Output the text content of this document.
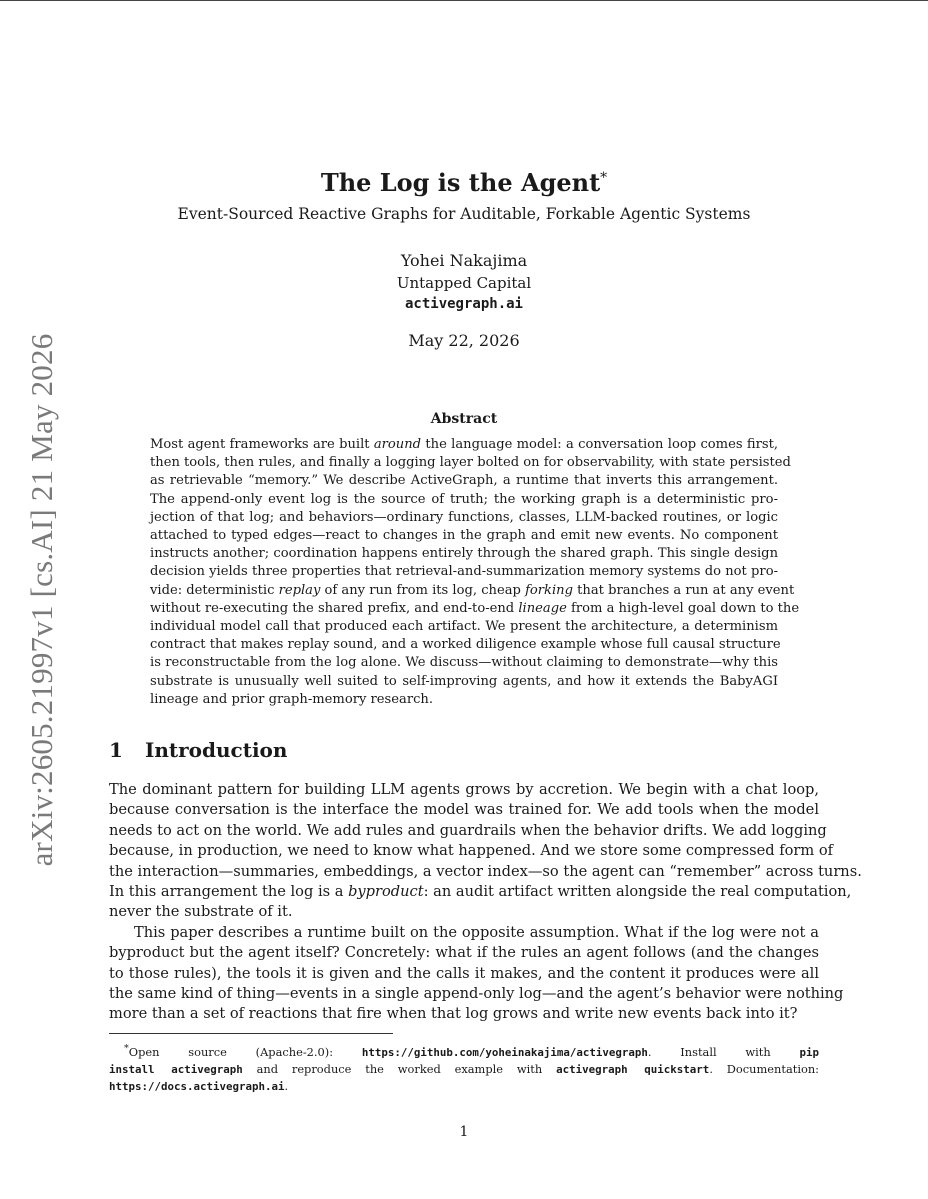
arXiv:2605.21997v1 [cs.AI] 21 May 2026
The Log is the Agent*
Event-Sourced Reactive Graphs for Auditable, Forkable Agentic Systems
Yohei Nakajima
Untapped Capital
activegraph.ai
May 22, 2026
Abstract
Most agent frameworks are built around the language model: a conversation loop comes first,
then tools, then rules, and finally a logging layer bolted on for observability, with state persisted
as retrievable “memory.” We describe ActiveGraph, a runtime that inverts this arrangement.
The append-only event log is the source of truth; the working graph is a deterministic pro-
jection of that log; and behaviors—ordinary functions, classes, LLM-backed routines, or logic
attached to typed edges—react to changes in the graph and emit new events. No component
instructs another; coordination happens entirely through the shared graph. This single design
decision yields three properties that retrieval-and-summarization memory systems do not pro-
vide: deterministic replay of any run from its log, cheap forking that branches a run at any event
without re-executing the shared prefix, and end-to-end lineage from a high-level goal down to the
individual model call that produced each artifact. We present the architecture, a determinism
contract that makes replay sound, and a worked diligence example whose full causal structure
is reconstructable from the log alone. We discuss—without claiming to demonstrate—why this
substrate is unusually well suited to self-improving agents, and how it extends the BabyAGI
lineage and prior graph-memory research.
1 Introduction
The dominant pattern for building LLM agents grows by accretion. We begin with a chat loop,
because conversation is the interface the model was trained for. We add tools when the model
needs to act on the world. We add rules and guardrails when the behavior drifts. We add logging
because, in production, we need to know what happened. And we store some compressed form of
the interaction—summaries, embeddings, a vector index—so the agent can “remember” across turns.
In this arrangement the log is a byproduct: an audit artifact written alongside the real computation,
never the substrate of it.
This paper describes a runtime built on the opposite assumption. What if the log were not a
byproduct but the agent itself? Concretely: what if the rules an agent follows (and the changes
to those rules), the tools it is given and the calls it makes, and the content it produces were all
the same kind of thing—events in a single append-only log—and the agent’s behavior were nothing
more than a set of reactions that fire when that log grows and write new events back into it?
*Open source (Apache-2.0): https://github.com/yoheinakajima/activegraph. Install with pip
install activegraph and reproduce the worked example with activegraph quickstart. Documentation:
https://docs.activegraph.ai.
1
